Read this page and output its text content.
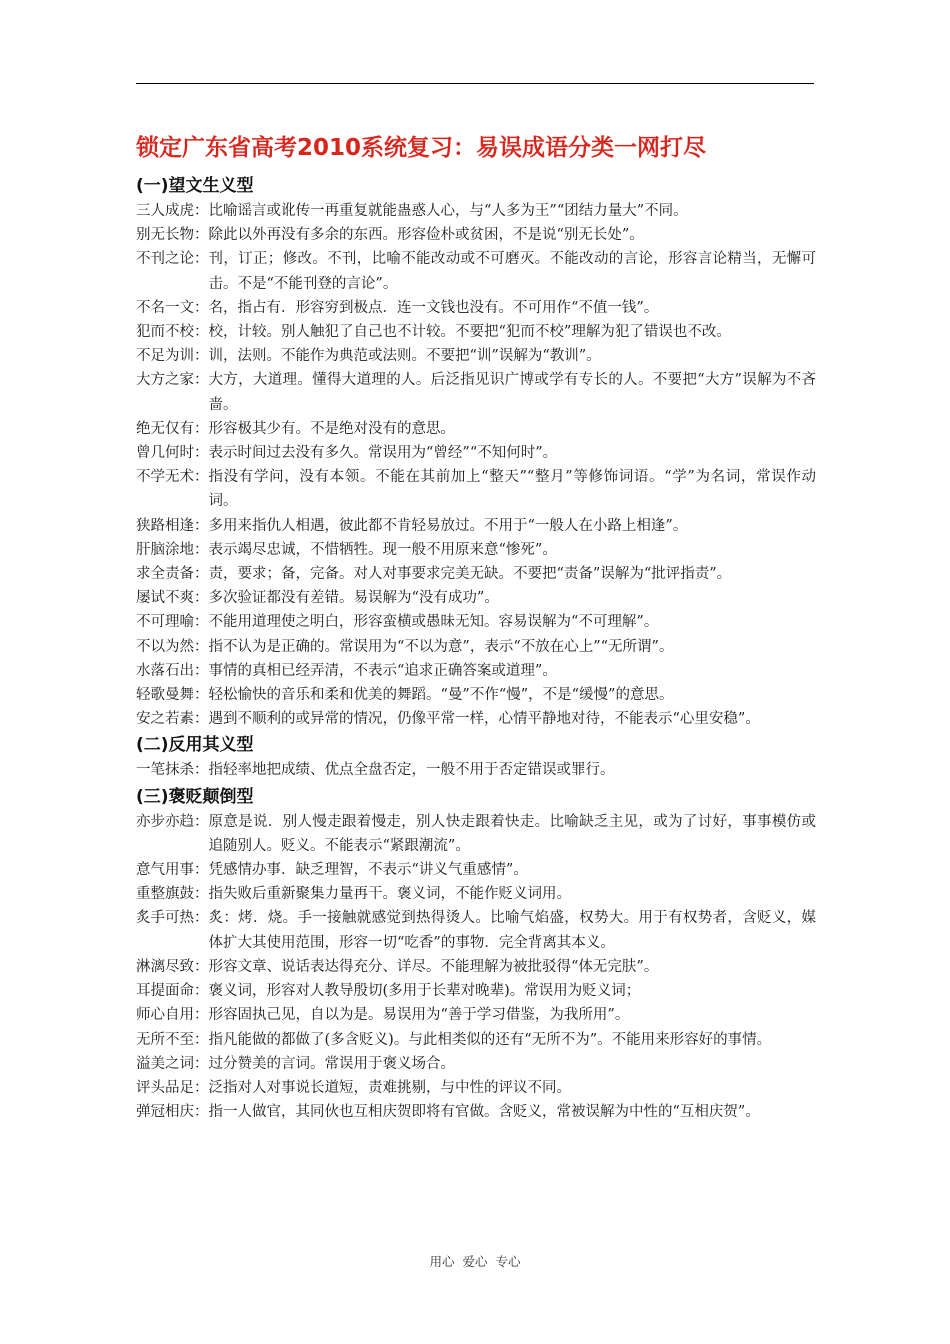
锁定广东省高考2010系统复习：易误成语分类一网打尽
(一)望文生义型
三人成虎： 比喻谣言或讹传一再重复就能蛊惑人心，与“人多为王”“团结力量大”不同。
别无长物： 除此以外再没有多余的东西。形容俭朴或贫困，不是说“别无长处”。
不刊之论： 刊，订正；修改。不刊，比喻不能改动或不可磨灭。不能改动的言论，形容言论精当，无懈可击。不是“不能刊登的言论”。
不名一文： 名，指占有．形容穷到极点．连一文钱也没有。不可用作“不值一钱”。
犯而不校： 校，计较。别人触犯了自己也不计较。不要把“犯而不校”理解为犯了错误也不改。
不足为训： 训，法则。不能作为典范或法则。不要把“训”误解为“教训”。
大方之家： 大方，大道理。懂得大道理的人。后泛指见识广博或学有专长的人。不要把“大方”误解为不吝啬。
绝无仅有： 形容极其少有。不是绝对没有的意思。
曾几何时： 表示时间过去没有多久。常误用为“曾经”“不知何时”。
不学无术： 指没有学问，没有本领。不能在其前加上“整天”“整月”等修饰词语。“学”为名词，常误作动词。
狭路相逢： 多用来指仇人相遇，彼此都不肯轻易放过。不用于“一般人在小路上相逢”。
肝脑涂地： 表示竭尽忠诚，不惜牺牲。现一般不用原来意“惨死”。
求全责备： 责，要求；备，完备。对人对事要求完美无缺。不要把“责备”误解为“批评指责”。
屡试不爽： 多次验证都没有差错。易误解为“没有成功”。
不可理喻： 不能用道理使之明白，形容蛮横或愚昧无知。容易误解为“不可理解”。
不以为然： 指不认为是正确的。常误用为“不以为意”，表示“不放在心上”“无所谓”。
水落石出： 事情的真相已经弄清，不表示“追求正确答案或道理”。
轻歌曼舞： 轻松愉快的音乐和柔和优美的舞蹈。“曼”不作“慢”，不是“缓慢”的意思。
安之若素： 遇到不顺利的或异常的情况，仍像平常一样，心情平静地对待，不能表示“心里安稳”。
(二)反用其义型
一笔抹杀： 指轻率地把成绩、优点全盘否定，一般不用于否定错误或罪行。
(三)褒贬颠倒型
亦步亦趋： 原意是说．别人慢走跟着慢走，别人快走跟着快走。比喻缺乏主见，或为了讨好，事事模仿或追随别人。贬义。不能表示“紧跟潮流”。
意气用事： 凭感情办事．缺乏理智，不表示“讲义气重感情”。
重整旗鼓： 指失败后重新聚集力量再干。褒义词，不能作贬义词用。
炙手可热： 炙：烤．烧。手一接触就感觉到热得烫人。比喻气焰盛，权势大。用于有权势者，含贬义，媒体扩大其使用范围，形容一切“吃香”的事物．完全背离其本义。
淋漓尽致： 形容文章、说话表达得充分、详尽。不能理解为被批驳得“体无完肤”。
耳提面命： 褒义词，形容对人教导殷切(多用于长辈对晚辈)。常误用为贬义词；
师心自用： 形容固执己见，自以为是。易误用为“善于学习借鉴，为我所用”。
无所不至： 指凡能做的都做了(多含贬义)。与此相类似的还有“无所不为”。不能用来形容好的事情。
溢美之词： 过分赞美的言词。常误用于褒义场合。
评头品足： 泛指对人对事说长道短，责难挑剔，与中性的评议不同。
弹冠相庆： 指一人做官，其同伙也互相庆贺即将有官做。含贬义，常被误解为中性的“互相庆贺”。
用心 爱心 专心
